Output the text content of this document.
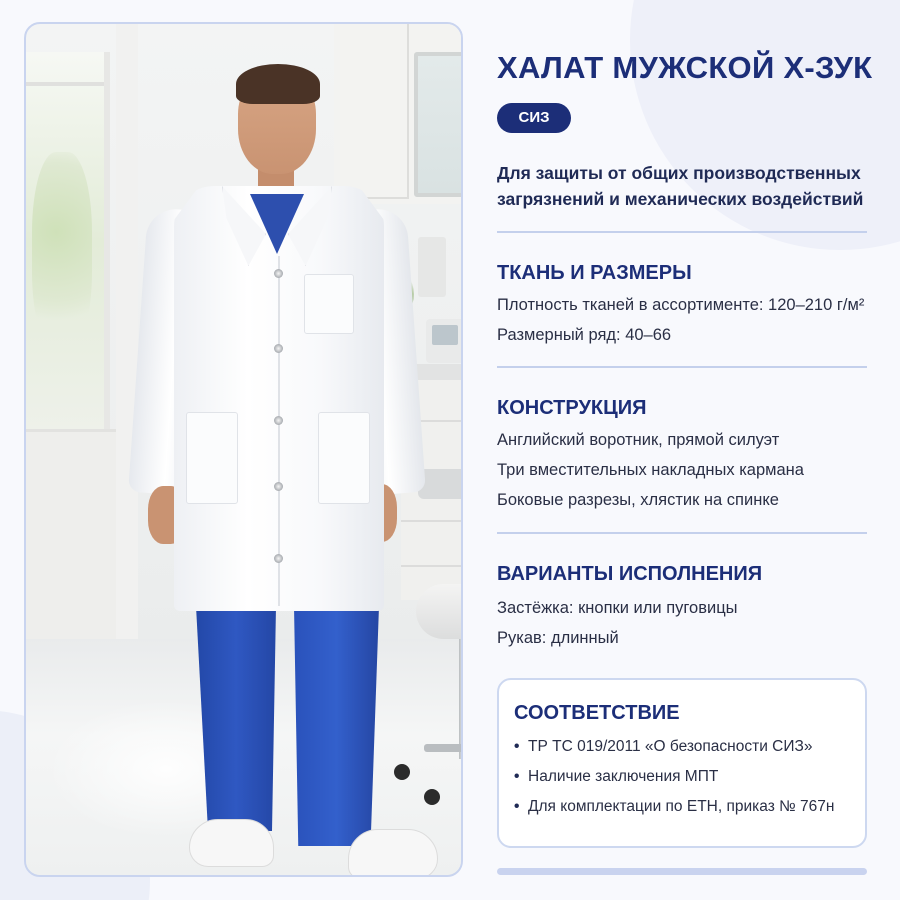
ХАЛАТ МУЖСКОЙ Х-ЗУК
СИЗ
Для защиты от общих производственных загрязнений и механических воздействий
ТКАНЬ И РАЗМЕРЫ
Плотность тканей в ассортименте: 120–210 г/м²
Размерный ряд: 40–66
КОНСТРУКЦИЯ
Английский воротник, прямой силуэт
Три вместительных накладных кармана
Боковые разрезы, хлястик на спинке
ВАРИАНТЫ ИСПОЛНЕНИЯ
Застёжка: кнопки или пуговицы
Рукав: длинный
СООТВЕТСТВИЕ
• ТР ТС 019/2011 «О безопасности СИЗ»
• Наличие заключения МПТ
• Для комплектации по ЕТН, приказ № 767н
